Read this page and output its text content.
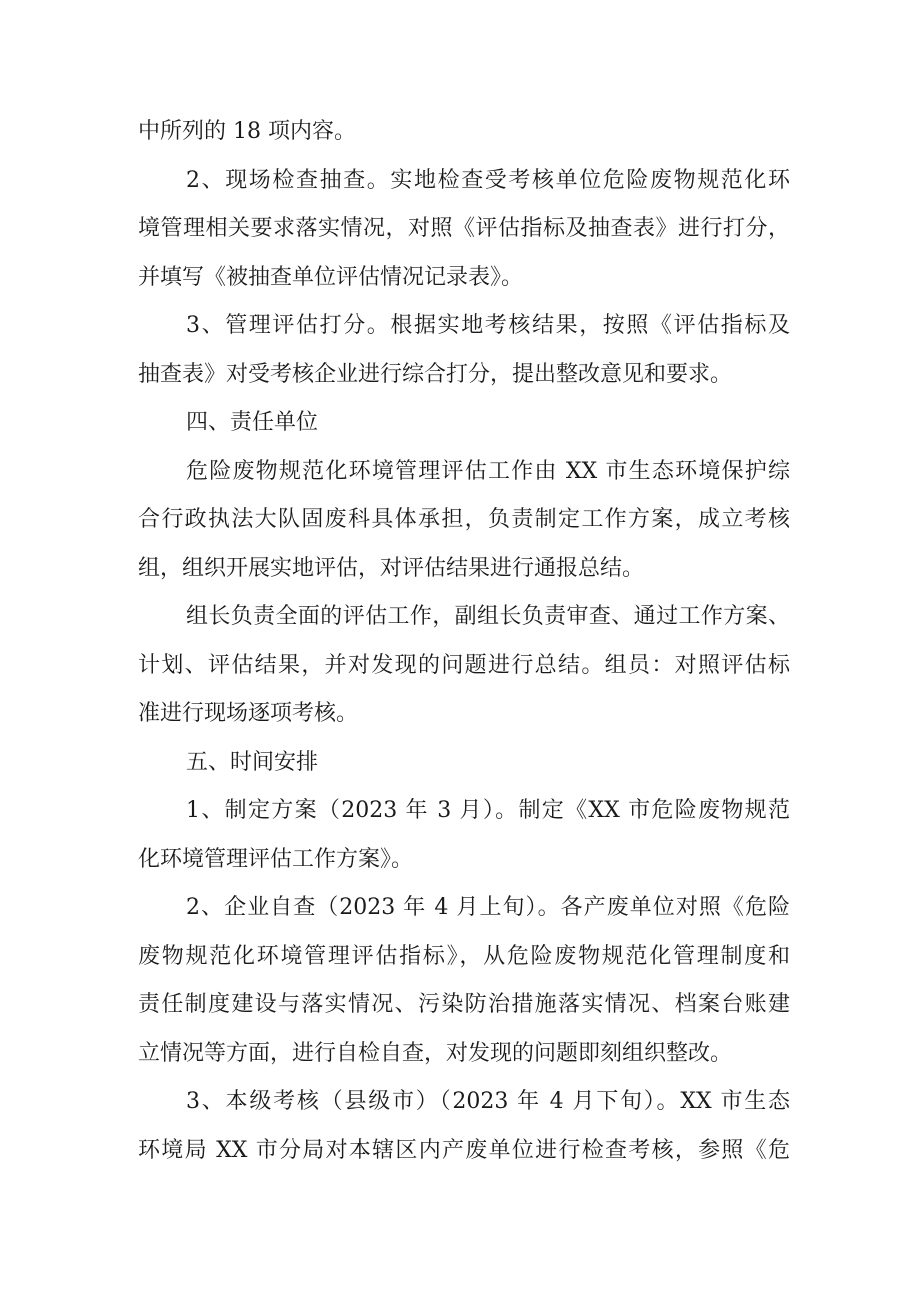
中所列的 18 项内容。
2、现场检查抽查。实地检查受考核单位危险废物规范化环
境管理相关要求落实情况，对照《评估指标及抽查表》进行打分，
并填写《被抽查单位评估情况记录表》。
3、管理评估打分。根据实地考核结果，按照《评估指标及
抽查表》对受考核企业进行综合打分，提出整改意见和要求。
四、责任单位
危险废物规范化环境管理评估工作由 XX 市生态环境保护综
合行政执法大队固废科具体承担，负责制定工作方案，成立考核
组，组织开展实地评估，对评估结果进行通报总结。
组长负责全面的评估工作，副组长负责审查、通过工作方案、
计划、评估结果，并对发现的问题进行总结。组员：对照评估标
准进行现场逐项考核。
五、时间安排
1、制定方案（2023 年 3 月）。制定《XX 市危险废物规范
化环境管理评估工作方案》。
2、企业自查（2023 年 4 月上旬）。各产废单位对照《危险
废物规范化环境管理评估指标》，从危险废物规范化管理制度和
责任制度建设与落实情况、污染防治措施落实情况、档案台账建
立情况等方面，进行自检自查，对发现的问题即刻组织整改。
3、本级考核（县级市）（2023 年 4 月下旬）。XX 市生态
环境局 XX 市分局对本辖区内产废单位进行检查考核，参照《危
